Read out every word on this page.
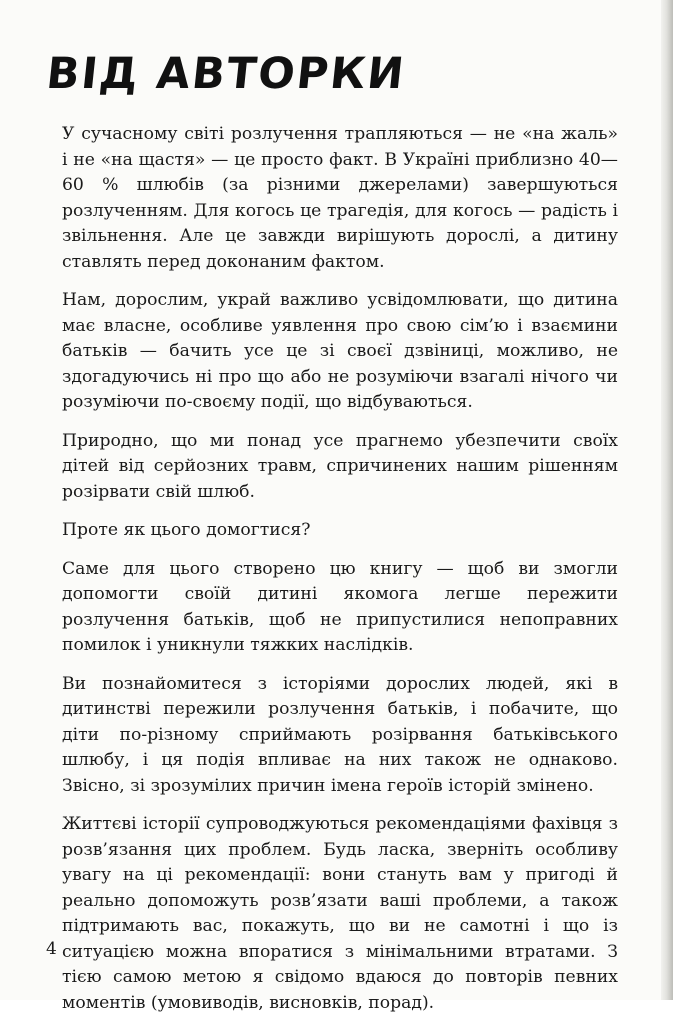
ВІД АВТОРКИ

У сучасному світі розлучення трапляються — не «на жаль» і не «на щастя» — це просто факт. В Україні приблизно 40—60 % шлюбів (за різними джерелами) завершуються розлученням. Для когось це трагедія, для когось — радість і звільнення. Але це завжди вирішують дорослі, а дитину ставлять перед доконаним фактом.

Нам, дорослим, украй важливо усвідомлювати, що дитина має власне, особливе уявлення про свою сім’ю і взаємини батьків — бачить усе це зі своєї дзвіниці, можливо, не здогадуючись ні про що або не розуміючи взагалі нічого чи розуміючи по-своєму події, що відбуваються.

Природно, що ми понад усе прагнемо убезпечити своїх дітей від серйозних травм, спричинених нашим рішенням розірвати свій шлюб.

Проте як цього домогтися?

Саме для цього створено цю книгу — щоб ви змогли допомогти своїй дитині якомога легше пережити розлучення батьків, щоб не припустилися непоправних помилок і уникнули тяжких наслідків.

Ви познайомитеся з історіями дорослих людей, які в дитинстві пережили розлучення батьків, і побачите, що діти по-різному сприймають розірвання батьківського шлюбу, і ця подія впливає на них також не однаково. Звісно, зі зрозумілих причин імена героїв історій змінено.

Життєві історії супроводжуються рекомендаціями фахівця з розв’язання цих проблем. Будь ласка, зверніть особливу увагу на ці рекомендації: вони стануть вам у пригоді й реально допоможуть розв’язати ваші проблеми, а також підтримають вас, покажуть, що ви не самотні і що із ситуацією можна впоратися з мінімальними втратами. З тією самою метою я свідомо вдаюся до повторів певних моментів (умовиводів, висновків, порад).

4
